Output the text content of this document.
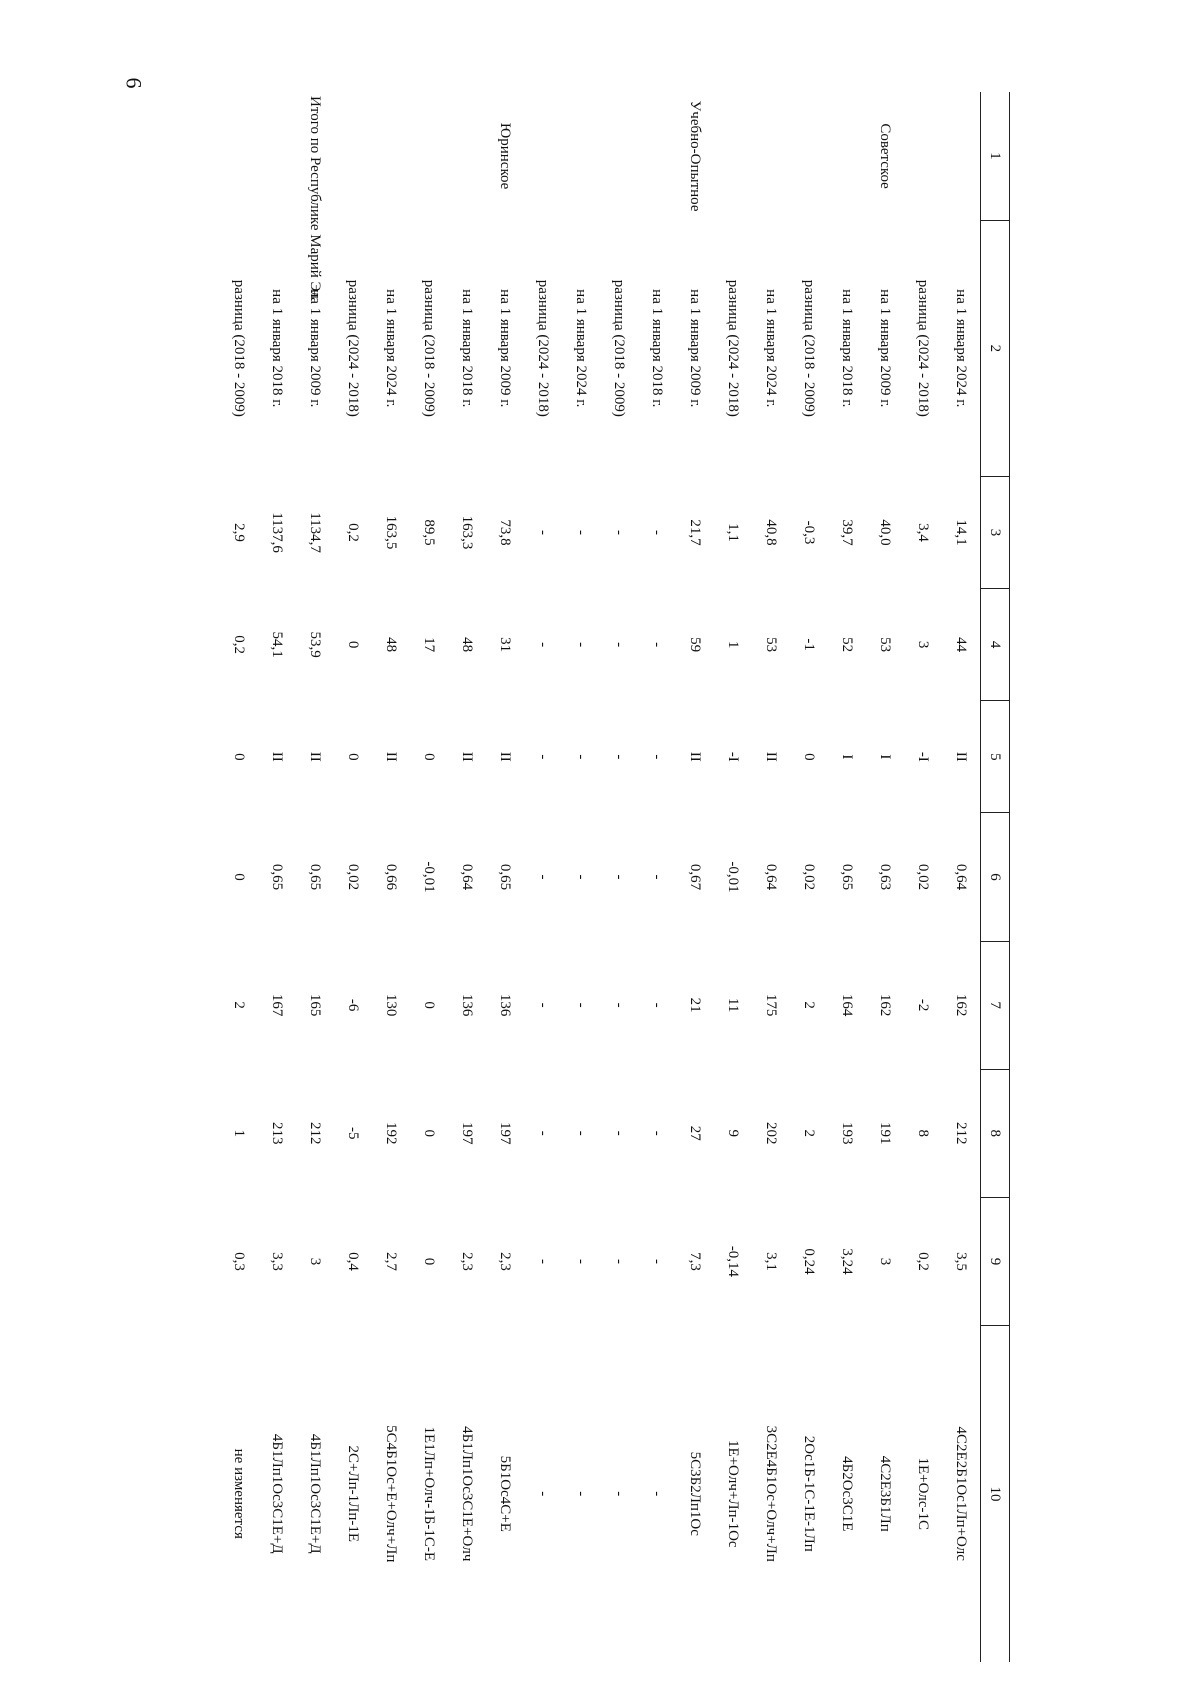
6
1	2	3	4	5	6	7	8	9	10
	на 1 января 2024 г.	14,1	44	II	0,64	162	212	3,5	4С2Е2Б1Ос1Лп+Олс
	разница (2024 - 2018)	3,4	3	-I	0,02	-2	8	0,2	1Е+Олс-1С
Советское	на 1 января 2009 г.	40,0	53	I	0,63	162	191	3	4С2Е3Б1Лп
	на 1 января 2018 г.	39,7	52	I	0,65	164	193	3,24	4Б2Ос3С1Е
	разница (2018 - 2009)	-0,3	-1	0	0,02	2	2	0,24	2Ос1Б-1С-1Е-1Лп
	на 1 января 2024 г.	40,8	53	II	0,64	175	202	3,1	3С2Е4Б1Ос+Олч+Лп
	разница (2024 - 2018)	1,1	1	-I	-0,01	11	9	-0,14	1Е+Олч+Лп-1Ос
Учебно-Опытное	на 1 января 2009 г.	21,7	59	II	0,67	21	27	7,3	5С3Б2Лп1Ос
	на 1 января 2018 г.	-	-	-	-	-	-	-	-
	разница (2018 - 2009)	-	-	-	-	-	-	-	-
	на 1 января 2024 г.	-	-	-	-	-	-	-	-
	разница (2024 - 2018)	-	-	-	-	-	-	-	-
Юринское	на 1 января 2009 г.	73,8	31	II	0,65	136	197	2,3	5Б1Ос4С+Е
	на 1 января 2018 г.	163,3	48	II	0,64	136	197	2,3	4Б1Лп1Ос3С1Е+Олч
	разница (2018 - 2009)	89,5	17	0	-0,01	0	0	0	1Е1Лп+Олч-1Б-1С-Е
	на 1 января 2024 г.	163,5	48	II	0,66	130	192	2,7	5С4Б1Ос+Е+Олч+Лп
	разница (2024 - 2018)	0,2	0	0	0,02	-6	-5	0,4	2С+Лп-1Лп-1Е
Итого по Республике Марий Эл	на 1 января 2009 г.	1134,7	53,9	II	0,65	165	212	3	4Б1Лп1Ос3С1Е+Д
	на 1 января 2018 г.	1137,6	54,1	II	0,65	167	213	3,3	4Б1Лп1Ос3С1Е+Д
	разница (2018 - 2009)	2,9	0,2	0	0	2	1	0,3	не изменяется
